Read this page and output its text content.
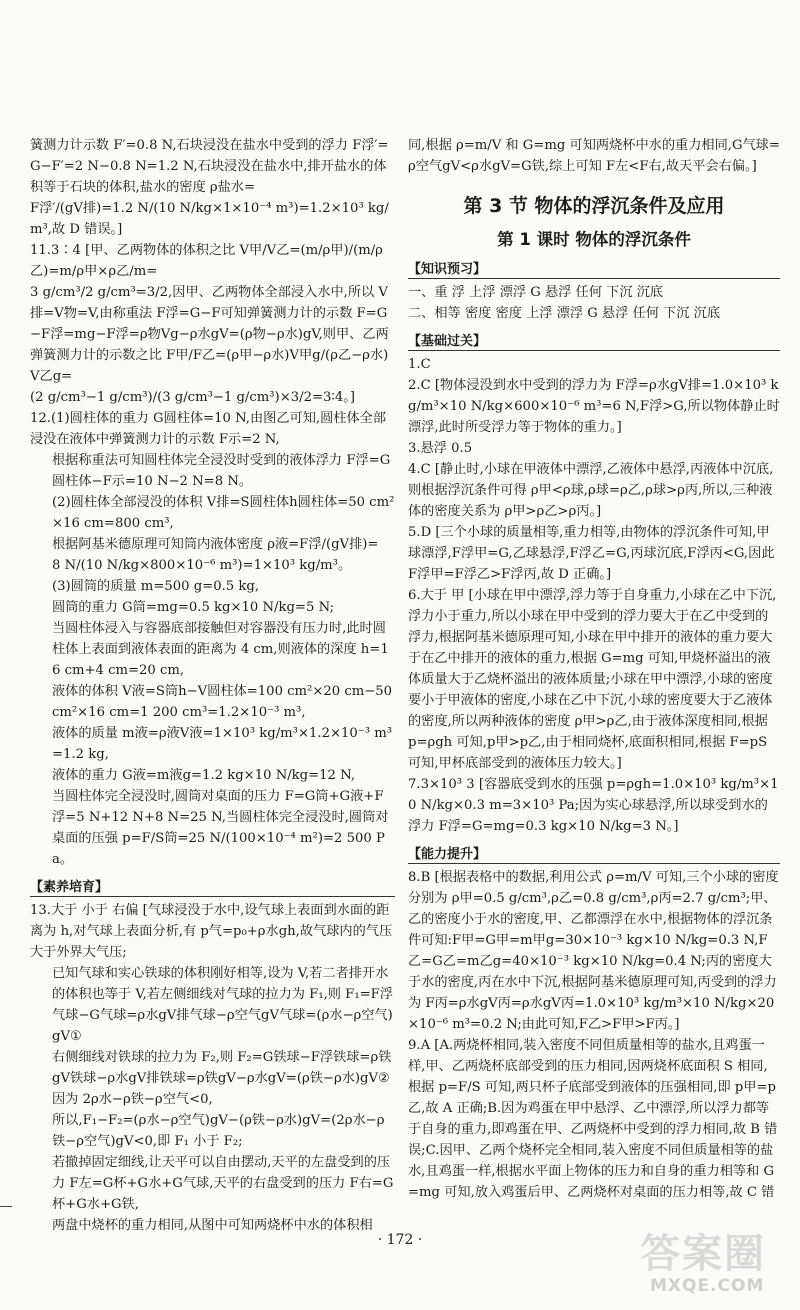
簧测力计示数 F′=0.8 N,石块浸没在盐水中受到的浮力 F浮′=G−F′=2 N−0.8 N=1.2 N,石块浸没在盐水中,排开盐水的体积等于石块的体积,盐水的密度 ρ盐水=
F浮′/(gV排)=1.2 N/(10 N/kg×1×10⁻⁴ m³)=1.2×10³ kg/m³,故 D 错误。]
11.3∶4 [甲、乙两物体的体积之比 V甲/V乙=(m/ρ甲)/(m/ρ乙)=m/ρ甲×ρ乙/m=
3 g/cm³/2 g/cm³=3/2,因甲、乙两物体全部浸入水中,所以 V排=V物=V,由称重法 F浮=G−F可知弹簧测力计的示数 F=G−F浮=mg−F浮=ρ物Vg−ρ水gV=(ρ物−ρ水)gV,则甲、乙两弹簧测力计的示数之比 F甲/F乙=(ρ甲−ρ水)V甲g/(ρ乙−ρ水)V乙g=
(2 g/cm³−1 g/cm³)/(3 g/cm³−1 g/cm³)×3/2=3∶4。]
12.(1)圆柱体的重力 G圆柱体=10 N,由图乙可知,圆柱体全部浸没在液体中弹簧测力计的示数 F示=2 N,
根据称重法可知圆柱体完全浸没时受到的液体浮力 F浮=G圆柱体−F示=10 N−2 N=8 N。
(2)圆柱体全部浸没的体积 V排=S圆柱体h圆柱体=50 cm²×16 cm=800 cm³,
根据阿基米德原理可知筒内液体密度 ρ液=F浮/(gV排)=
8 N/(10 N/kg×800×10⁻⁶ m³)=1×10³ kg/m³。
(3)圆筒的质量 m=500 g=0.5 kg,
圆筒的重力 G筒=mg=0.5 kg×10 N/kg=5 N;
当圆柱体浸入与容器底部接触但对容器没有压力时,此时圆柱体上表面到液体表面的距离为 4 cm,则液体的深度 h=16 cm+4 cm=20 cm,
液体的体积 V液=S筒h−V圆柱体=100 cm²×20 cm−50 cm²×16 cm=1 200 cm³=1.2×10⁻³ m³,
液体的质量 m液=ρ液V液=1×10³ kg/m³×1.2×10⁻³ m³=1.2 kg,
液体的重力 G液=m液g=1.2 kg×10 N/kg=12 N,
当圆柱体完全浸没时,圆筒对桌面的压力 F=G筒+G液+F浮=5 N+12 N+8 N=25 N,当圆柱体完全浸没时,圆筒对桌面的压强 p=F/S筒=25 N/(100×10⁻⁴ m²)=2 500 Pa。
【素养培育】
13.大于 小于 右偏 [气球浸没于水中,设气球上表面到水面的距离为 h,对气球上表面分析,有 p气=p₀+ρ水gh,故气球内的气压大于外界大气压;
已知气球和实心铁球的体积刚好相等,设为 V,若二者排开水的体积也等于 V,若左侧细线对气球的拉力为 F₁,则 F₁=F浮气球−G气球=ρ水gV排气球−ρ空气gV气球=(ρ水−ρ空气)gV①
右侧细线对铁球的拉力为 F₂,则 F₂=G铁球−F浮铁球=ρ铁gV铁球−ρ水gV排铁球=ρ铁gV−ρ水gV=(ρ铁−ρ水)gV②
因为 2ρ水−ρ铁−ρ空气<0,
所以,F₁−F₂=(ρ水−ρ空气)gV−(ρ铁−ρ水)gV=(2ρ水−ρ铁−ρ空气)gV<0,即 F₁ 小于 F₂;
若撤掉固定细线,让天平可以自由摆动,天平的左盘受到的压力 F左=G杯+G水+G气球,天平的右盘受到的压力 F右=G杯+G水+G铁,
两盘中烧杯的重力相同,从图中可知两烧杯中水的体积相
同,根据 ρ=m/V 和 G=mg 可知两烧杯中水的重力相同,G气球=ρ空气gV<ρ水gV=G铁,综上可知 F左<F右,故天平会右偏。]
第 3 节 物体的浮沉条件及应用
第 1 课时 物体的浮沉条件
【知识预习】
一、重 浮 上浮 漂浮 G 悬浮 任何 下沉 沉底
二、相等 密度 密度 上浮 漂浮 G 悬浮 任何 下沉 沉底
【基础过关】
1.C
2.C [物体浸没到水中受到的浮力为 F浮=ρ水gV排=1.0×10³ kg/m³×10 N/kg×600×10⁻⁶ m³=6 N,F浮>G,所以物体静止时漂浮,此时所受浮力等于物体的重力。]
3.悬浮 0.5
4.C [静止时,小球在甲液体中漂浮,乙液体中悬浮,丙液体中沉底,则根据浮沉条件可得 ρ甲<ρ球,ρ球=ρ乙,ρ球>ρ丙,所以,三种液体的密度关系为 ρ甲>ρ乙>ρ丙。]
5.D [三个小球的质量相等,重力相等,由物体的浮沉条件可知,甲球漂浮,F浮甲=G,乙球悬浮,F浮乙=G,丙球沉底,F浮丙<G,因此 F浮甲=F浮乙>F浮丙,故 D 正确。]
6.大于 甲 [小球在甲中漂浮,浮力等于自身重力,小球在乙中下沉,浮力小于重力,所以小球在甲中受到的浮力要大于在乙中受到的浮力,根据阿基米德原理可知,小球在甲中排开的液体的重力要大于在乙中排开的液体的重力,根据 G=mg 可知,甲烧杯溢出的液体质量大于乙烧杯溢出的液体质量;小球在甲中漂浮,小球的密度要小于甲液体的密度,小球在乙中下沉,小球的密度要大于乙液体的密度,所以两种液体的密度 ρ甲>ρ乙,由于液体深度相同,根据 p=ρgh 可知,p甲>p乙,由于相同烧杯,底面积相同,根据 F=pS 可知,甲杯底部受到的液体压力较大。]
7.3×10³ 3 [容器底受到水的压强 p=ρgh=1.0×10³ kg/m³×10 N/kg×0.3 m=3×10³ Pa;因为实心球悬浮,所以球受到水的浮力 F浮=G=mg=0.3 kg×10 N/kg=3 N。]
【能力提升】
8.B [根据表格中的数据,利用公式 ρ=m/V 可知,三个小球的密度分别为 ρ甲=0.5 g/cm³,ρ乙=0.8 g/cm³,ρ丙=2.7 g/cm³;甲、乙的密度小于水的密度,甲、乙都漂浮在水中,根据物体的浮沉条件可知:F甲=G甲=m甲g=30×10⁻³ kg×10 N/kg=0.3 N,F乙=G乙=m乙g=40×10⁻³ kg×10 N/kg=0.4 N;丙的密度大于水的密度,丙在水中下沉,根据阿基米德原理可知,丙受到的浮力为 F丙=ρ水gV丙=ρ水gV丙=1.0×10³ kg/m³×10 N/kg×20×10⁻⁶ m³=0.2 N;由此可知,F乙>F甲>F丙。]
9.A [A.两烧杯相同,装入密度不同但质量相等的盐水,且鸡蛋一样,甲、乙两烧杯底部受到的压力相同,因两烧杯底面积 S 相同,根据 p=F/S 可知,两只杯子底部受到液体的压强相同,即 p甲=p乙,故 A 正确;B.因为鸡蛋在甲中悬浮、乙中漂浮,所以浮力都等于自身的重力,即鸡蛋在甲、乙两烧杯中受到的浮力相同,故 B 错误;C.因甲、乙两个烧杯完全相同,装入密度不同但质量相等的盐水,且鸡蛋一样,根据水平面上物体的压力和自身的重力相等和 G=mg 可知,放入鸡蛋后甲、乙两烧杯对桌面的压力相等,故 C 错
· 172 ·	答案圈
MXQE.COM
